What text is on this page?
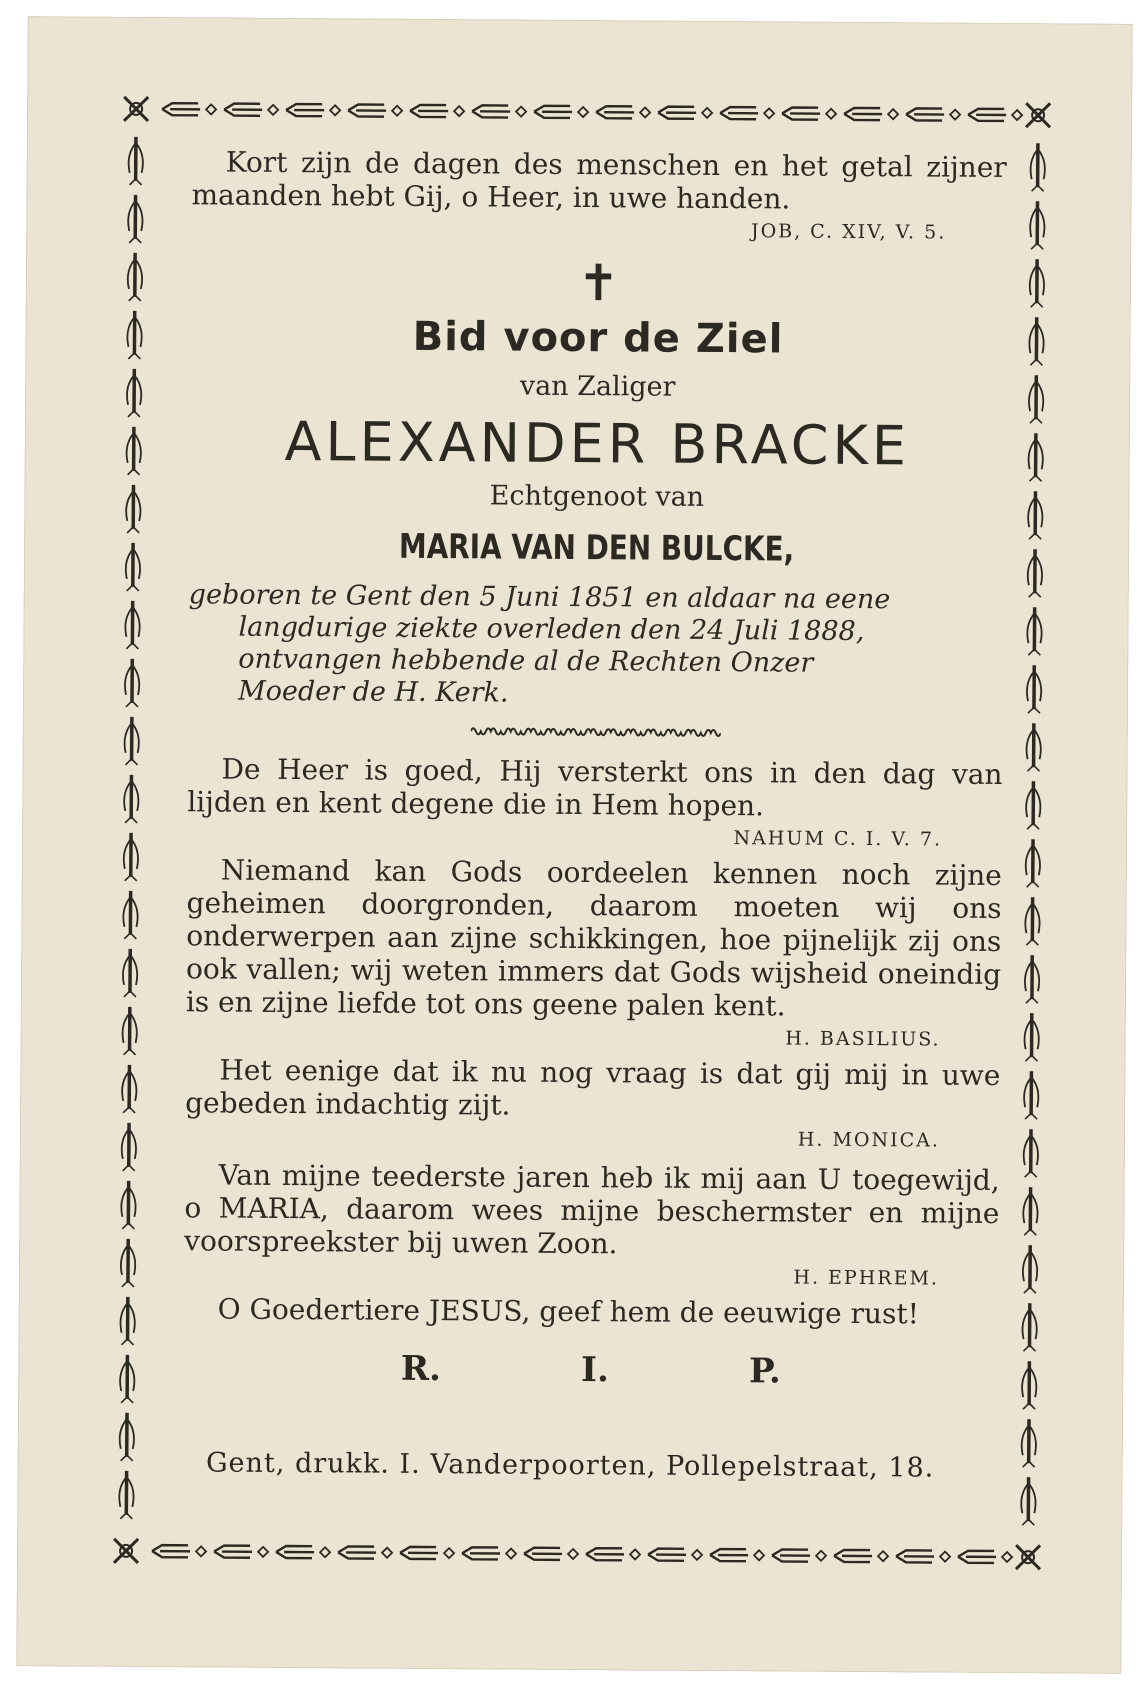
Kort zijn de dagen des menschen en het getal zijner maanden hebt Gij, o Heer, in uwe handen.

JOB, C. XIV, V. 5.
✝
Bid voor de Ziel
van Zaliger
ALEXANDER BRACKE
Echtgenoot van
MARIA VAN DEN BULCKE,
geboren te Gent den 5 Juni 1851 en aldaar na eene
langdurige ziekte overleden den 24 Juli 1888,
ontvangen hebbende al de Rechten Onzer
Moeder de H. Kerk.

De Heer is goed, Hij versterkt ons in den dag van lijden en kent degene die in Hem hopen.

NAHUM C. I. V. 7.

Niemand kan Gods oordeelen kennen noch zijne geheimen doorgronden, daarom moeten wij ons onderwerpen aan zijne schikkingen, hoe pijnelijk zij ons ook vallen; wij weten immers dat Gods wijsheid oneindig is en zijne liefde tot ons geene palen kent.

H. BASILIUS.

Het eenige dat ik nu nog vraag is dat gij mij in uwe gebeden indachtig zijt.

H. MONICA.

Van mijne teederste jaren heb ik mij aan U toegewijd, o MARIA, daarom wees mijne beschermster en mijne voorspreekster bij uwen Zoon.

H. EPHREM.

O Goedertiere JESUS, geef hem de eeuwige rust!

R.	I.	P.
Gent, drukk. I. Vanderpoorten, Pollepelstraat, 18.
